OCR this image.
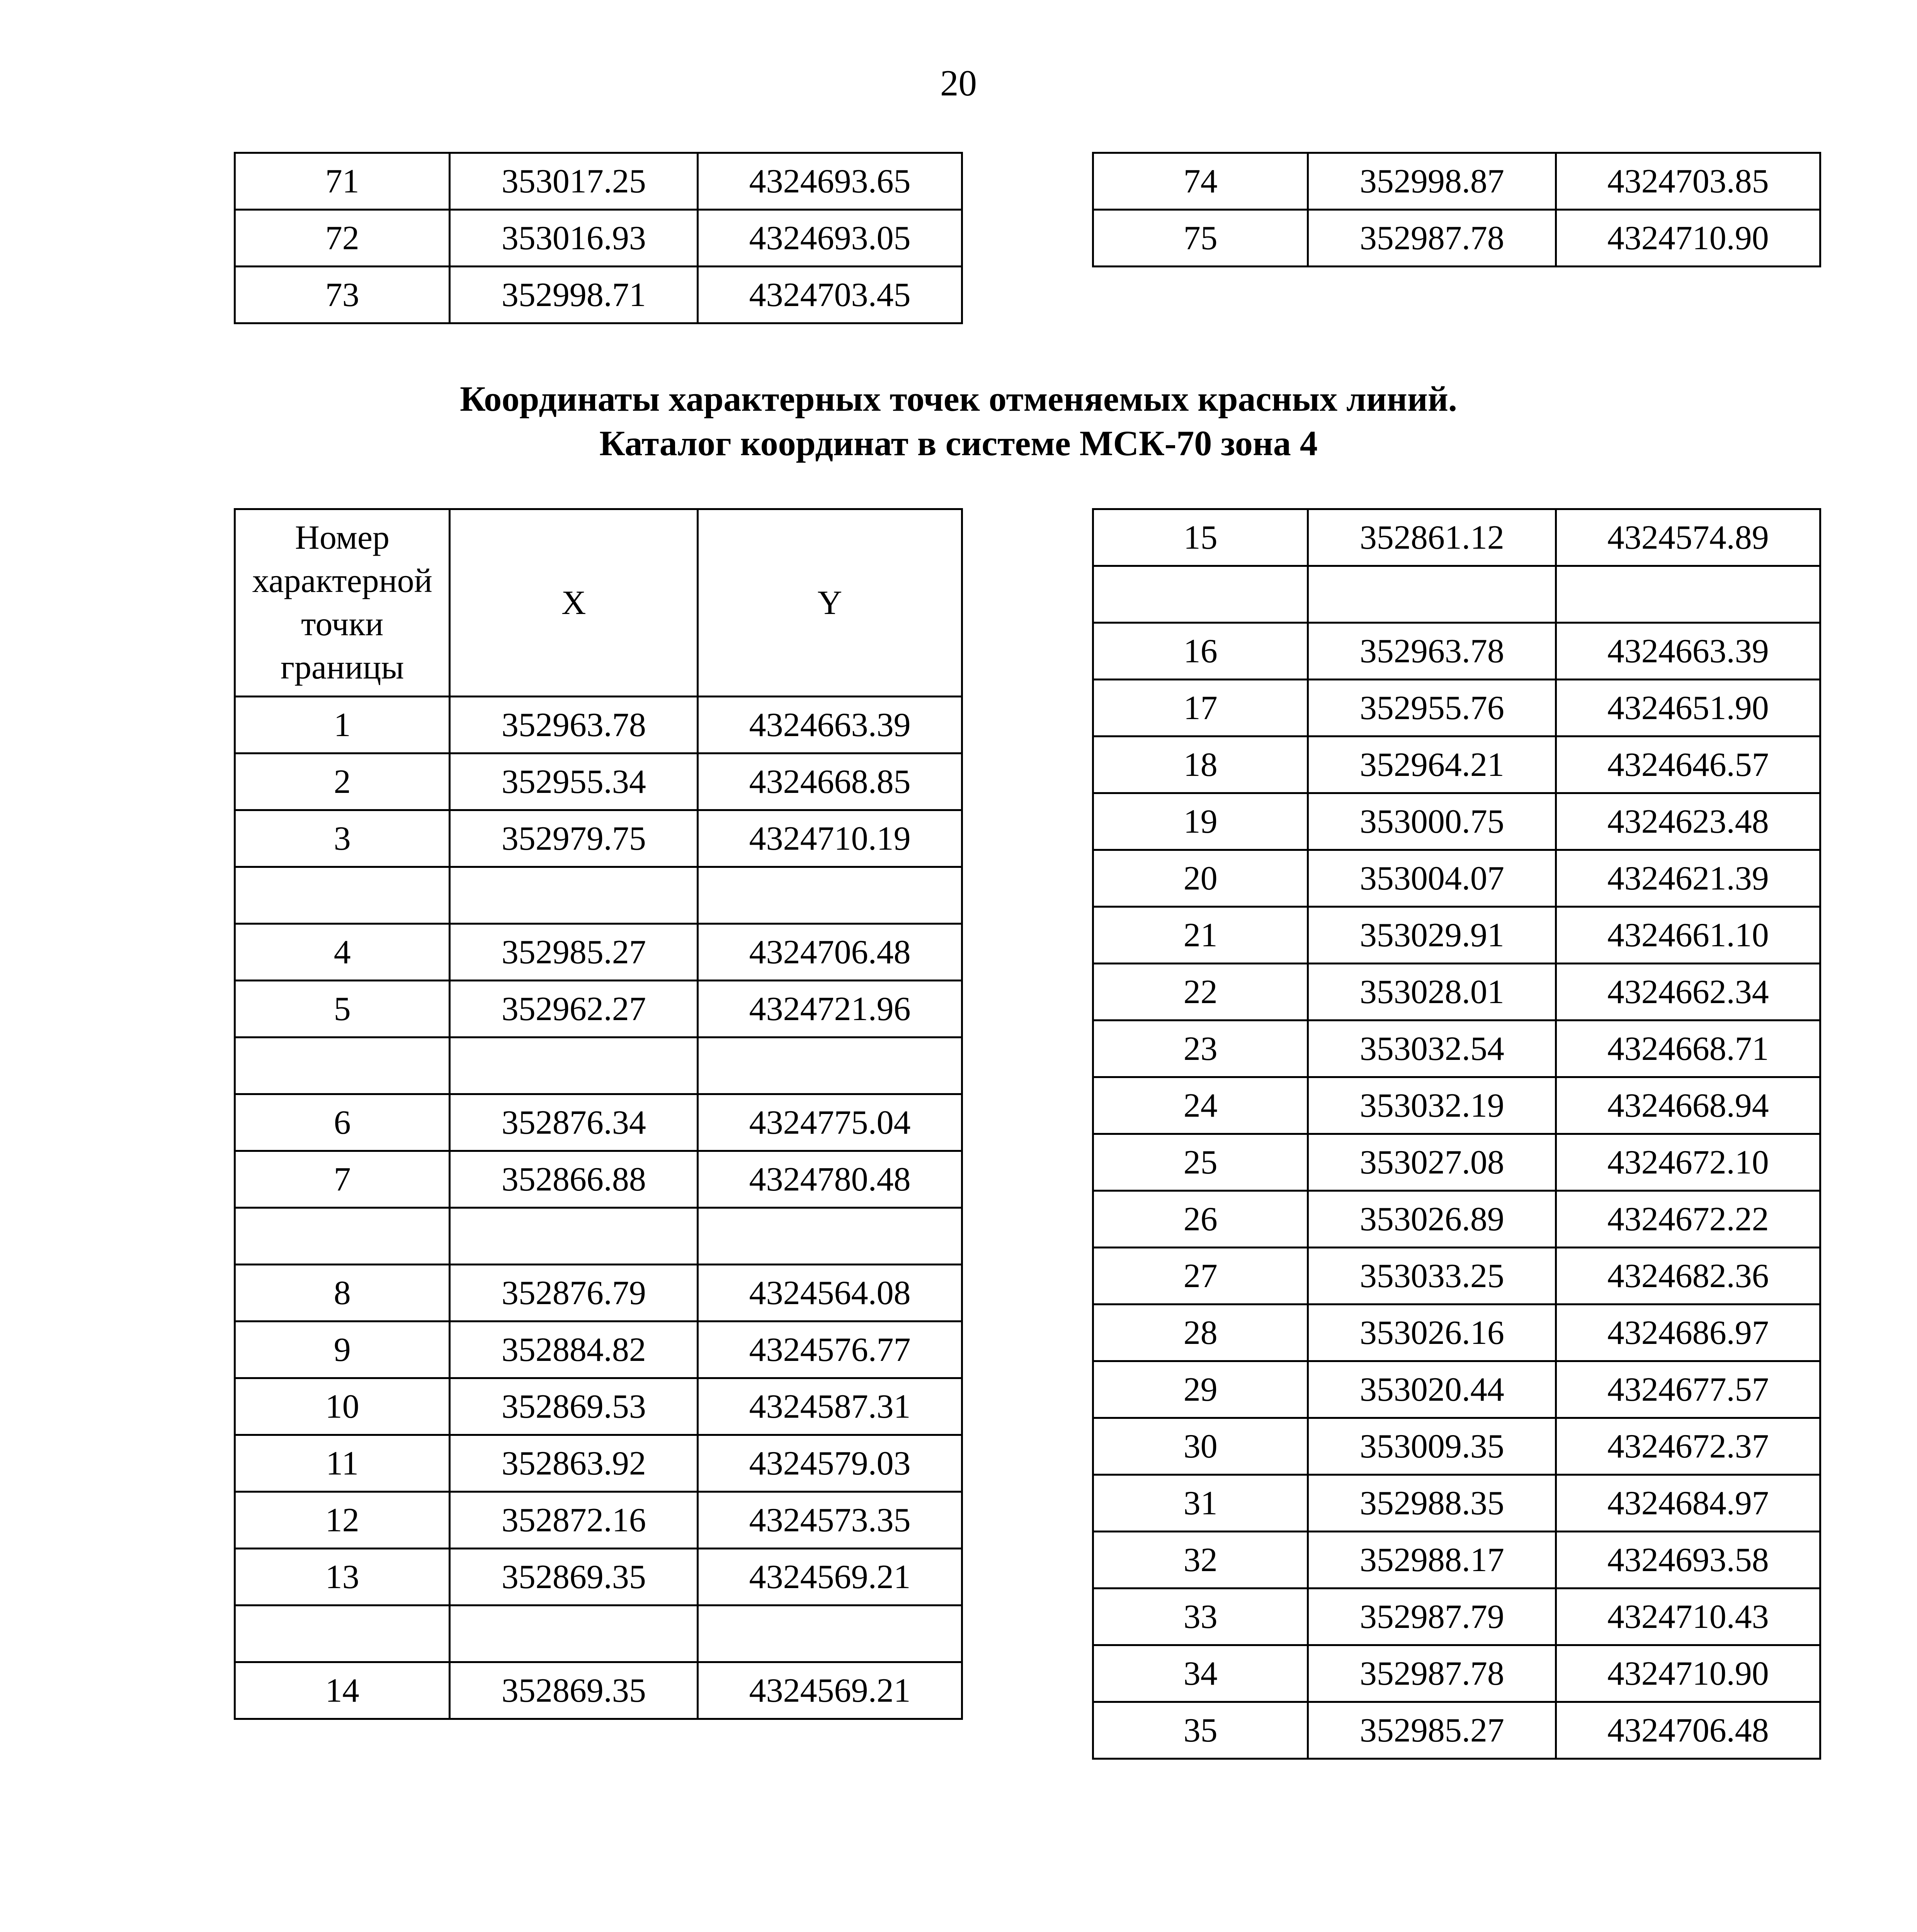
20
71	353017.25	4324693.65
72	353016.93	4324693.05
73	352998.71	4324703.45
74	352998.87	4324703.85
75	352987.78	4324710.90
Координаты характерных точек отменяемых красных линий.
Каталог координат в системе МСК-70 зона 4
Номер
характерной
точки
границы	X	Y
1	352963.78	4324663.39
2	352955.34	4324668.85
3	352979.75	4324710.19

4	352985.27	4324706.48
5	352962.27	4324721.96

6	352876.34	4324775.04
7	352866.88	4324780.48

8	352876.79	4324564.08
9	352884.82	4324576.77
10	352869.53	4324587.31
11	352863.92	4324579.03
12	352872.16	4324573.35
13	352869.35	4324569.21

14	352869.35	4324569.21
15	352861.12	4324574.89

16	352963.78	4324663.39
17	352955.76	4324651.90
18	352964.21	4324646.57
19	353000.75	4324623.48
20	353004.07	4324621.39
21	353029.91	4324661.10
22	353028.01	4324662.34
23	353032.54	4324668.71
24	353032.19	4324668.94
25	353027.08	4324672.10
26	353026.89	4324672.22
27	353033.25	4324682.36
28	353026.16	4324686.97
29	353020.44	4324677.57
30	353009.35	4324672.37
31	352988.35	4324684.97
32	352988.17	4324693.58
33	352987.79	4324710.43
34	352987.78	4324710.90
35	352985.27	4324706.48
